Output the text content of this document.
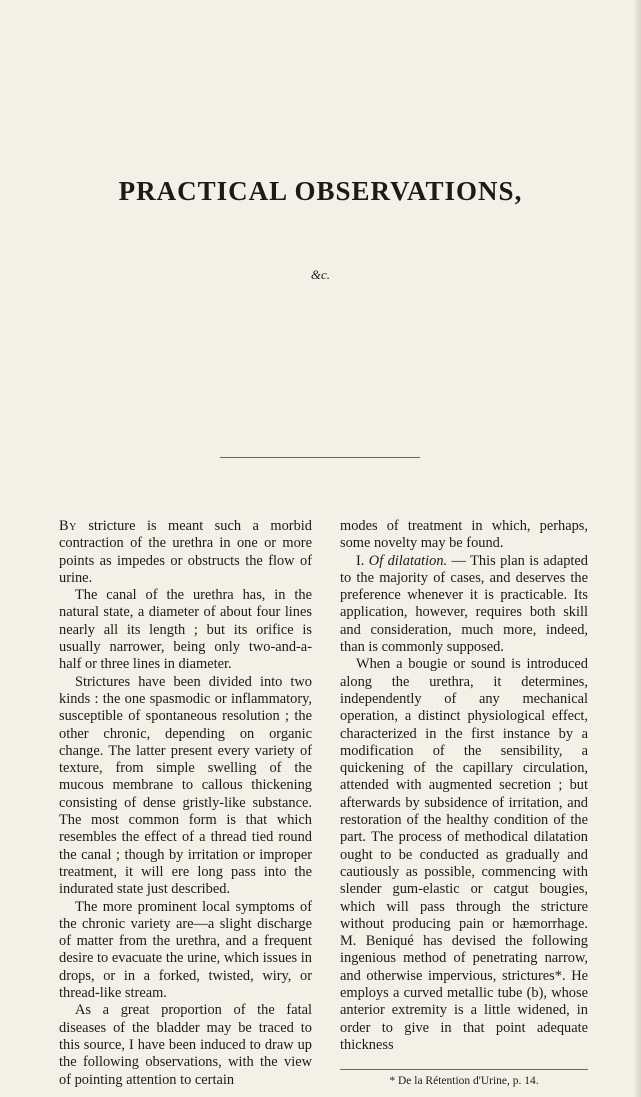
PRACTICAL OBSERVATIONS,
&c.

By stricture is meant such a morbid contraction of the urethra in one or more points as impedes or obstructs the flow of urine.

The canal of the urethra has, in the natural state, a diameter of about four lines nearly all its length ; but its orifice is usually narrower, being only two-and-a-half or three lines in diameter.

Strictures have been divided into two kinds : the one spasmodic or inflammatory, susceptible of spontaneous resolution ; the other chronic, depending on organic change. The latter present every variety of texture, from simple swelling of the mucous membrane to callous thickening consisting of dense gristly-like substance. The most common form is that which resembles the effect of a thread tied round the canal ; though by irritation or improper treatment, it will ere long pass into the indurated state just described.

The more prominent local symptoms of the chronic variety are—a slight discharge of matter from the urethra, and a frequent desire to evacuate the urine, which issues in drops, or in a forked, twisted, wiry, or thread-like stream.

As a great proportion of the fatal diseases of the bladder may be traced to this source, I have been induced to draw up the following observations, with the view of pointing attention to certain

modes of treatment in which, perhaps, some novelty may be found.

I. Of dilatation. — This plan is adapted to the majority of cases, and deserves the preference whenever it is practicable. Its application, however, requires both skill and consideration, much more, indeed, than is commonly supposed.

When a bougie or sound is introduced along the urethra, it determines, independently of any mechanical operation, a distinct physiological effect, characterized in the first instance by a modification of the sensibility, a quickening of the capillary circulation, attended with augmented secretion ; but afterwards by subsidence of irritation, and restoration of the healthy condition of the part. The process of methodical dilatation ought to be conducted as gradually and cautiously as possible, commencing with slender gum-elastic or catgut bougies, which will pass through the stricture without producing pain or hæmorrhage. M. Beniqué has devised the following ingenious method of penetrating narrow, and otherwise impervious, strictures*. He employs a curved metallic tube (b), whose anterior extremity is a little widened, in order to give in that point adequate thickness

* De la Rétention d'Urine, p. 14.
